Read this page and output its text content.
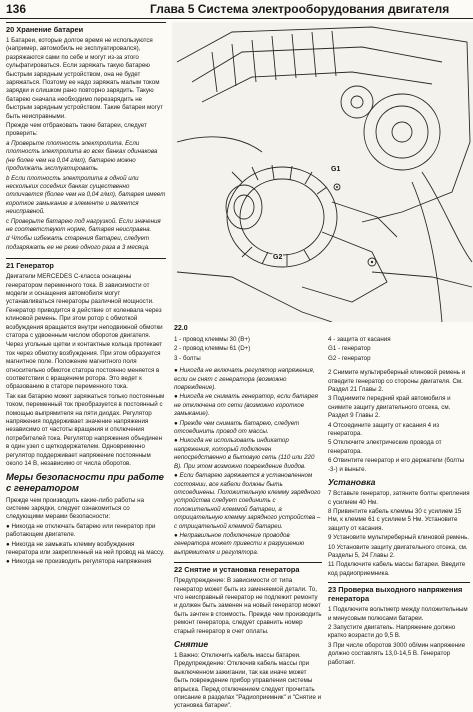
136	Глава 5 Система электрооборудования двигателя
20 Хранение батареи

1 Батареи, которые долгое время не используются (например, автомобиль не эксплуатировался), разряжаются сами по себе и могут из-за этого сульфатироваться. Если заряжать такую батарею быстрым зарядным устройством, она не будет заряжаться. Поэтому ее надо заряжать малым током зарядки и слишком рано повторно зарядить. Такую батарею сначала необходимо перезарядить не быстрым зарядным устройством. Такие батареи могут быть неисправными.

Прежде чем отбраковать такие батареи, следует проверить:

a Проверьте плотность электролита. Если плотность электролита во всех банках одинакова (не более чем на 0,04 г/мл), батарею можно продолжать эксплуатировать.

b Если плотность электролита в одной или нескольких соседних банках существенно отличается (более чем на 0,04 г/мл), батарея имеет короткое замыкание в элементе и является неисправной.

c Проверьте батарею под нагрузкой. Если значения не соответствуют норме, батарея неисправна.

d Чтобы избежать старения батареи, следует подзаряжать ее не реже одного раза в 3 месяца.

21 Генератор

Двигатели MERCEDES С-класса оснащены генератором переменного тока. В зависимости от модели и оснащения автомобиля могут устанавливаться генераторы различной мощности. Генератор приводится в действие от коленвала через клиновой ремень. При этом ротор с обмоткой возбуждения вращается внутри неподвижной обмотки статора с удвоенным числом оборотов двигателя.

Через угольные щетки и контактные кольца протекает ток через обмотку возбуждения. При этом образуется магнитное поле. Положение магнитного поля относительно обмоток статора постоянно меняется в соответствии с вращением ротора. Это ведет к образованию в статоре переменного тока.

Так как батарею может заряжаться только постоянным током, переменный ток преобразуется в постоянный с помощью выпрямителя на пяти диодах. Регулятор напряжения поддерживает значение напряжения независимо от частоты вращения и отключения потребителей тока. Регулятор напряжения объединен в один узел с щеткодержателем. Одновременно регулятор поддерживает напряжение постоянным около 14 В, независимо от числа оборотов.

Меры безопасности при работе с генератором

Прежде чем производить какие-либо работы на системе зарядки, следует ознакомиться со следующими мерами безопасности:

● Никогда не отключать батарею или генератор при работающем двигателе.

● Никогда не замыкать клемму возбуждения генератора или закрепленный на ней провод на массу.

● Никогда не производить регулятора напряжения

G1
G2
22.0

1 - провод клеммы 30 (В+)

2 - провод клеммы 61 (D+)

3 - болты

● Никогда не включать регулятор напряжения, если он снят с генератора (возможно повреждение).

● Никогда не снимать генератор, если батарея не отключена от сети (возможно короткое замыкание).

● Прежде чем снимать батарею, следует отсоединить провод от массы.

● Никогда не использовать индикатор напряжения, который подключен непосредственно в бытовую сеть (110 или 220 В). При этом возможно повреждение диодов.

● Если батарею заряжается в установленном состоянии, все кабели должны быть отсоединены. Положительную клемму зарядного устройства следует соединить с положительной клеммой батареи, а отрицательную клемму зарядного устройства – с отрицательной клеммой батареи.

● Неправильное подключение проводов генератора может привести к разрушению выпрямителя и регулятора.

22 Снятие и установка генератора

Предупреждение: В зависимости от типа генератор может быть из заменяемой детали. То, что неисправный генератор не подлежит ремонту и должен быть заменен на новый генератор может быть зачтен в стоимость. Прежде чем производить ремонт генератора, следует сравнить номер старый генератор в счет оплаты.

Снятие

1 Важно: Отключить кабель массы батареи. Предупреждение: Отключив кабель массы при выключенном зажигании, так как иначе может быть повреждение прибор управления системы впрыска. Перед отключением следует прочитать описание в разделах "Радиоприемник" и "Снятие и установка батареи".

4 - защита от касания

G1 - генератор

G2 - генератор

2 Снимите мультиреберный клиновой ремень и отведите генератор со стороны двигателя. См. Раздел 21 Главы 2.

3 Поднимите передний край автомобиля и снимите защиту двигательного отсека, см. Раздел 9 Главы 2.

4 Отсоедините защиту от касания 4 из генератора.

5 Отключите электрические провода от генератора.

6 Отвинтите генератор и его держатели (болты -3-) и выньте.

Установка

7 Вставьте генератор, затяните болты крепления с усилием 40 Нм.

8 Привинтите кабель клеммы 30 с усилием 15 Нм, к клемме 61 с усилием 5 Нм. Установите защиту от касания.

9 Установите мультиреберный клиновой ремень.

10 Установите защиту двигательного отсека, см. Разделы 5, 24 Главы 2.

11 Подключите кабель массы батареи. Введите код радиоприемника.

23 Проверка выходного напряжения генератора

1 Подключите вольтметр между положительным и минусовым полюсами батареи.

2 Запустите двигатель. Напряжение должно кратко возрасти до 9,5 В.

3 При числе оборотов 3000 об/мин напряжение должно составлять 13,0-14,5 В. Генератор работает.
